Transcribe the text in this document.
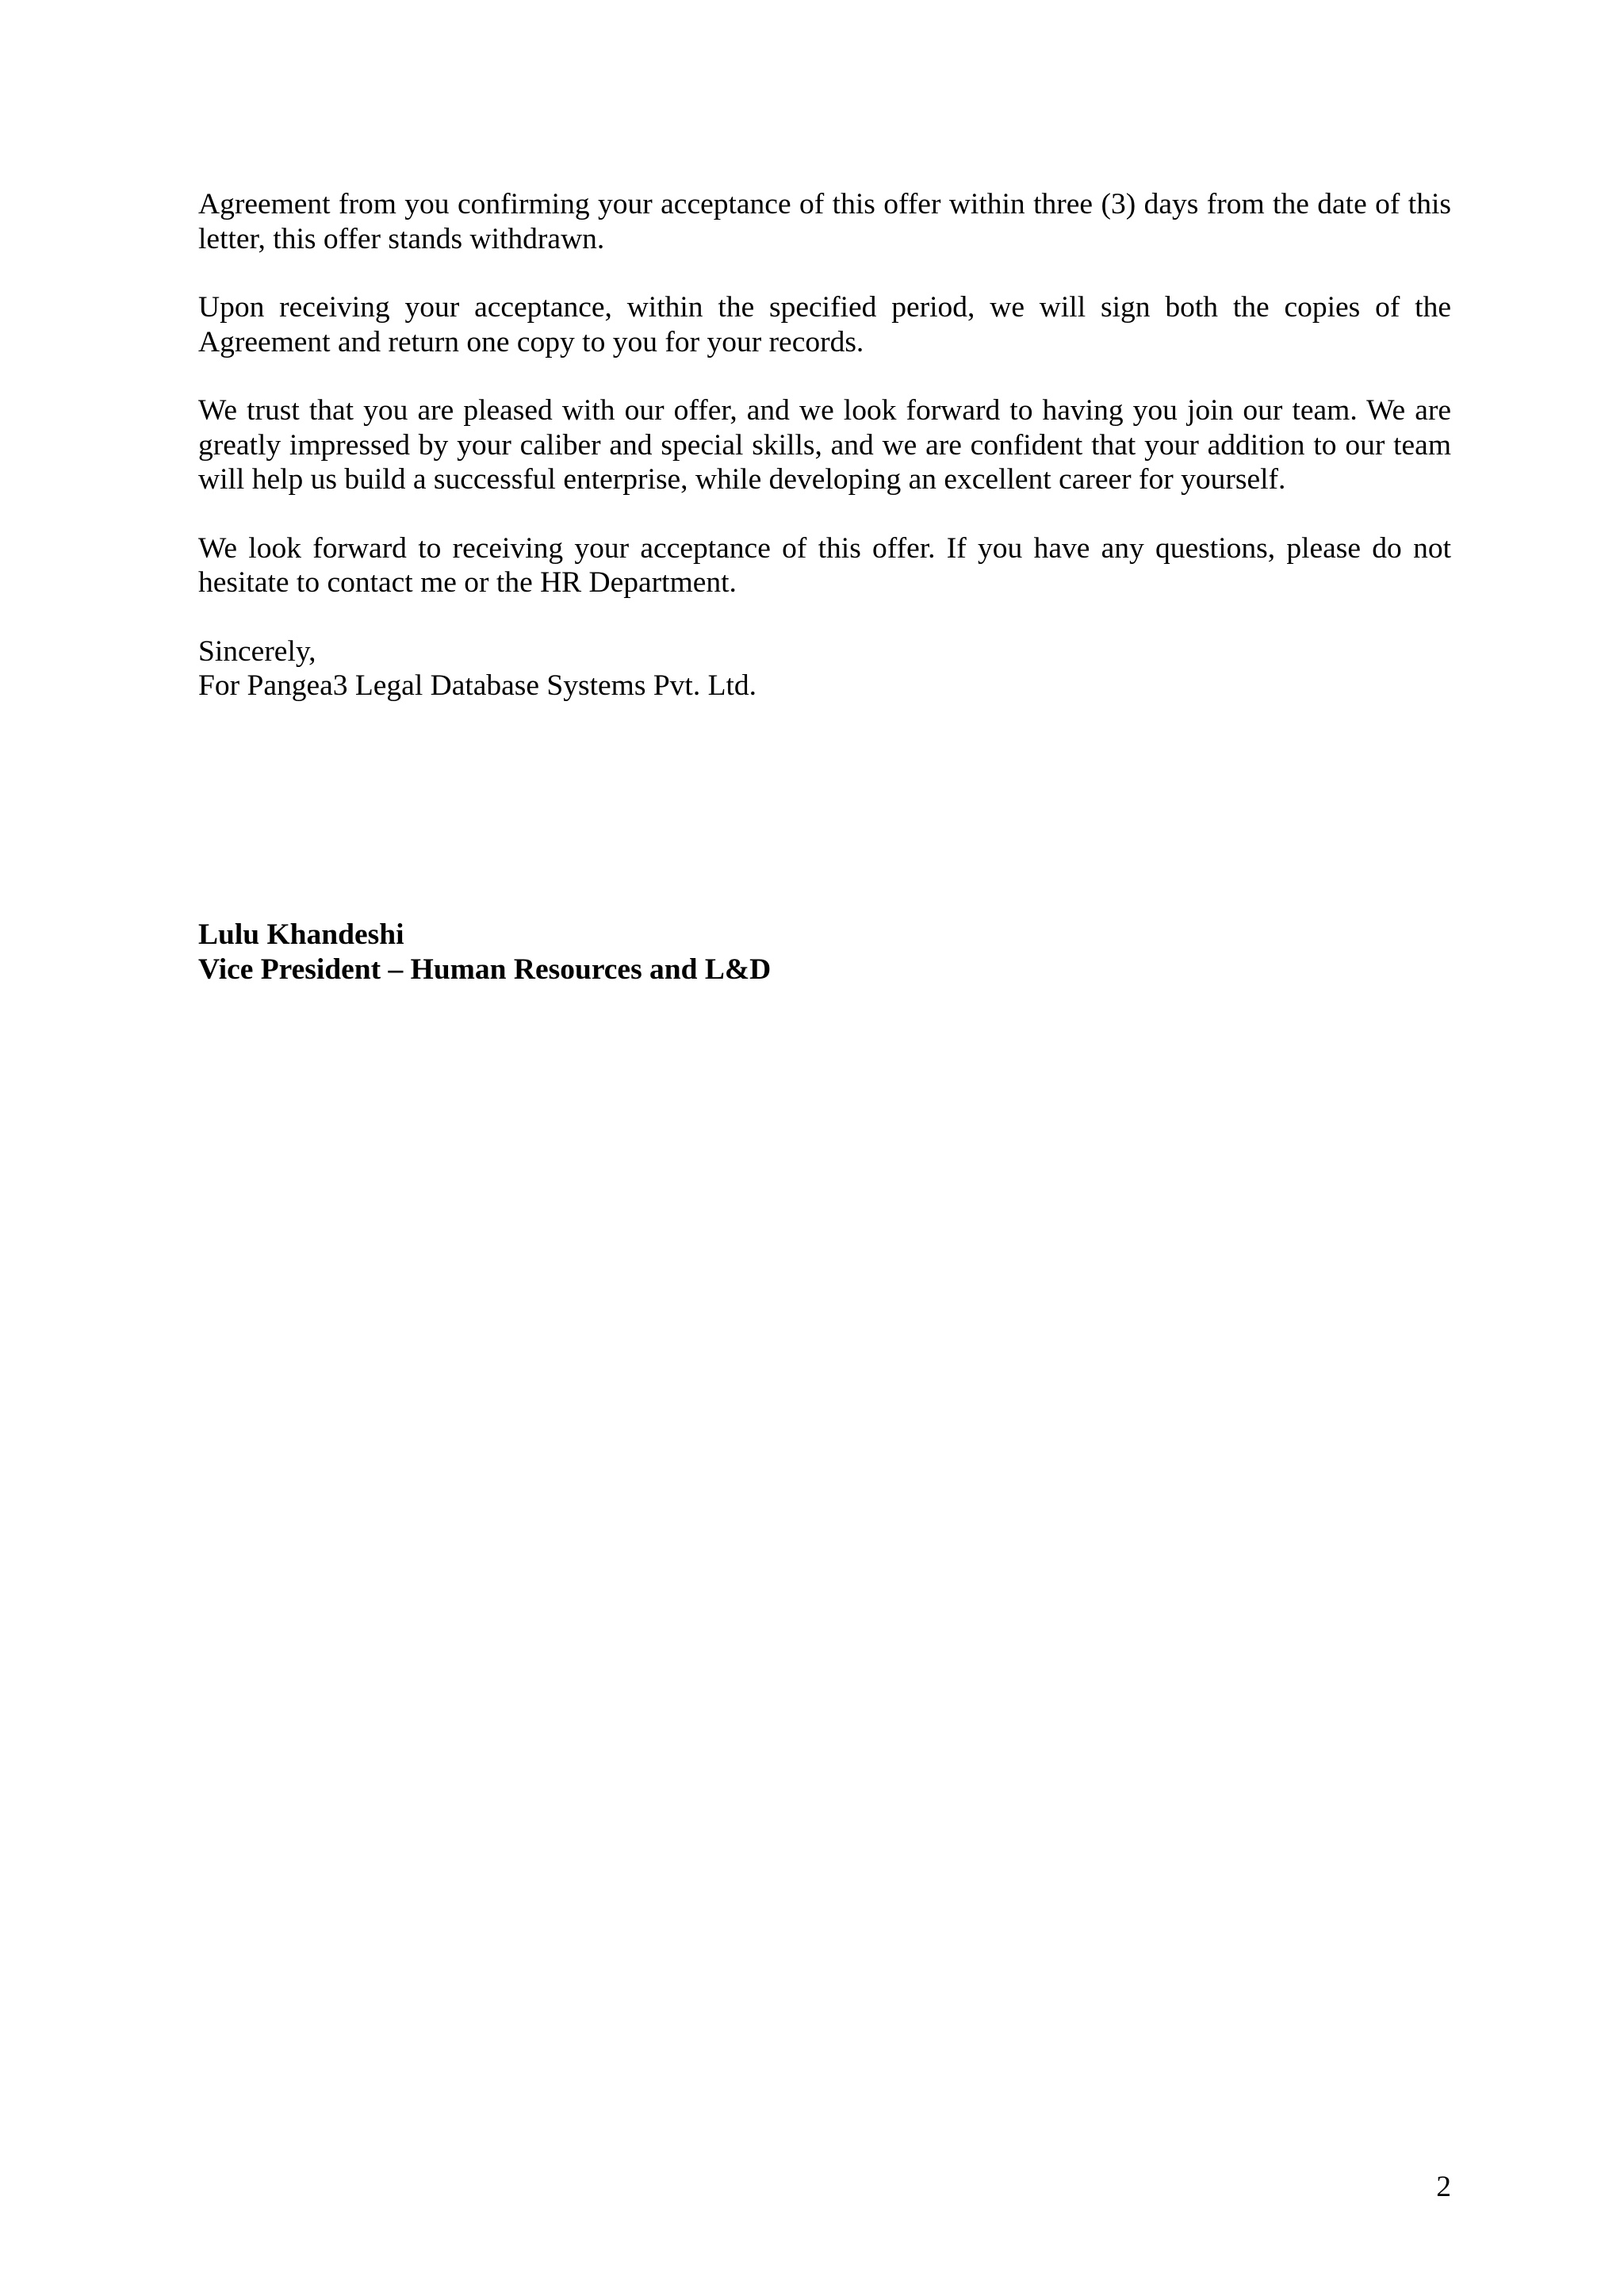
Agreement from you confirming your acceptance of this offer within three (3) days from the date of this letter, this offer stands withdrawn.

Upon receiving your acceptance, within the specified period, we will sign both the copies of the Agreement and return one copy to you for your records.

We trust that you are pleased with our offer, and we look forward to having you join our team. We are greatly impressed by your caliber and special skills, and we are confident that your addition to our team will help us build a successful enterprise, while developing an excellent career for yourself.

We look forward to receiving your acceptance of this offer. If you have any questions, please do not hesitate to contact me or the HR Department.

Sincerely,

For Pangea3 Legal Database Systems Pvt. Ltd.

Lulu Khandeshi
Vice President – Human Resources and L&D
2
